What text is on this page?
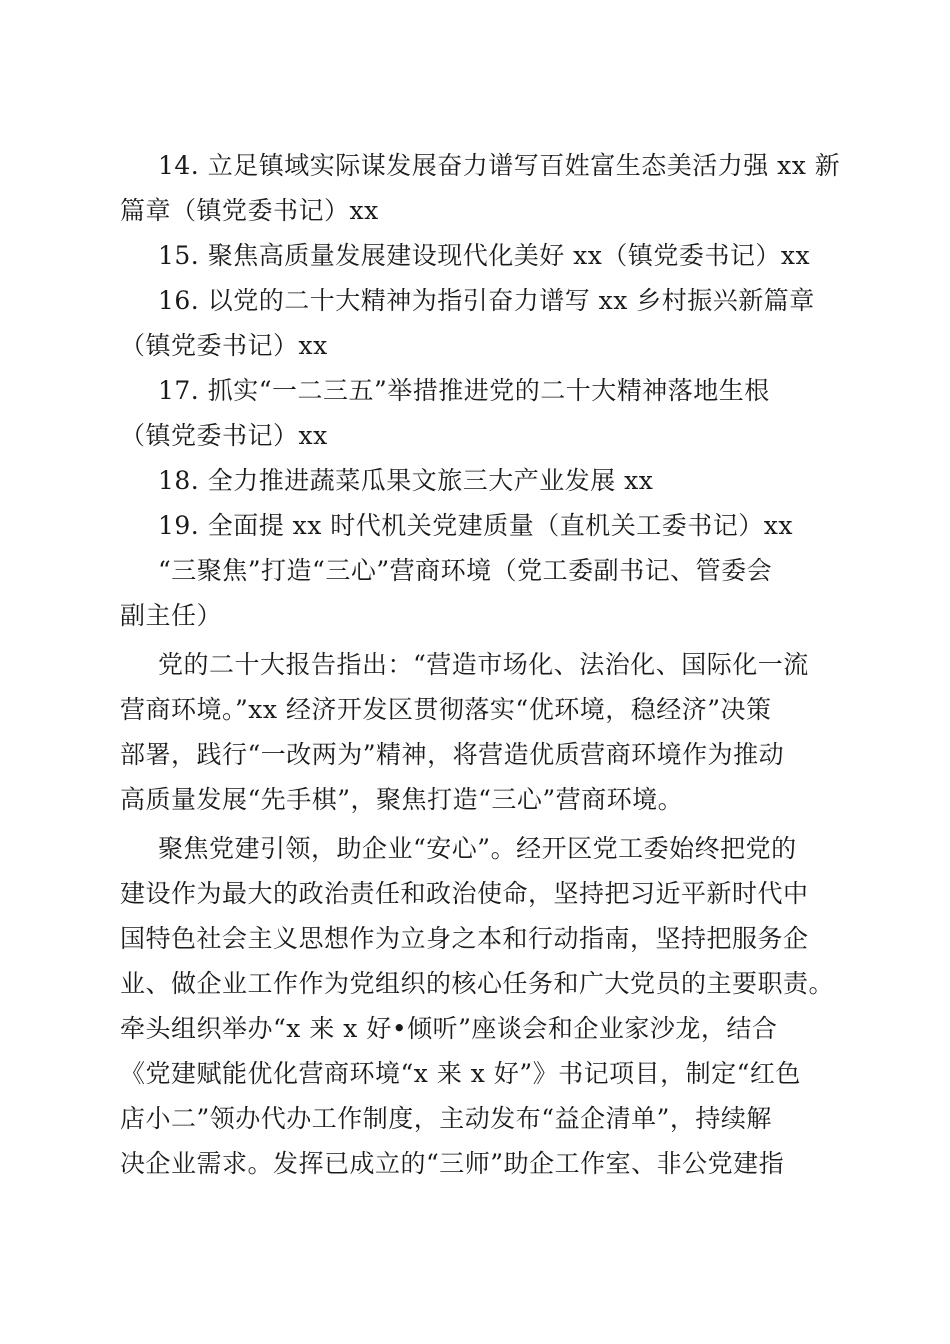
14. 立足镇域实际谋发展奋力谱写百姓富生态美活力强 xx 新
篇章（镇党委书记）xx
15. 聚焦高质量发展建设现代化美好 xx（镇党委书记）xx
16. 以党的二十大精神为指引奋力谱写 xx 乡村振兴新篇章
（镇党委书记）xx
17. 抓实“一二三五”举措推进党的二十大精神落地生根
（镇党委书记）xx
18. 全力推进蔬菜瓜果文旅三大产业发展 xx
19. 全面提 xx 时代机关党建质量（直机关工委书记）xx
“三聚焦”打造“三心”营商环境（党工委副书记、管委会
副主任）
党的二十大报告指出：“营造市场化、法治化、国际化一流
营商环境。”xx 经济开发区贯彻落实“优环境，稳经济”决策
部署，践行“一改两为”精神，将营造优质营商环境作为推动
高质量发展“先手棋”，聚焦打造“三心”营商环境。
聚焦党建引领，助企业“安心”。经开区党工委始终把党的
建设作为最大的政治责任和政治使命，坚持把习近平新时代中
国特色社会主义思想作为立身之本和行动指南，坚持把服务企
业、做企业工作作为党组织的核心任务和广大党员的主要职责。
牵头组织举办“x 来 x 好•倾听”座谈会和企业家沙龙，结合
《党建赋能优化营商环境“x 来 x 好”》书记项目，制定“红色
店小二”领办代办工作制度，主动发布“益企清单”，持续解
决企业需求。发挥已成立的“三师”助企工作室、非公党建指
